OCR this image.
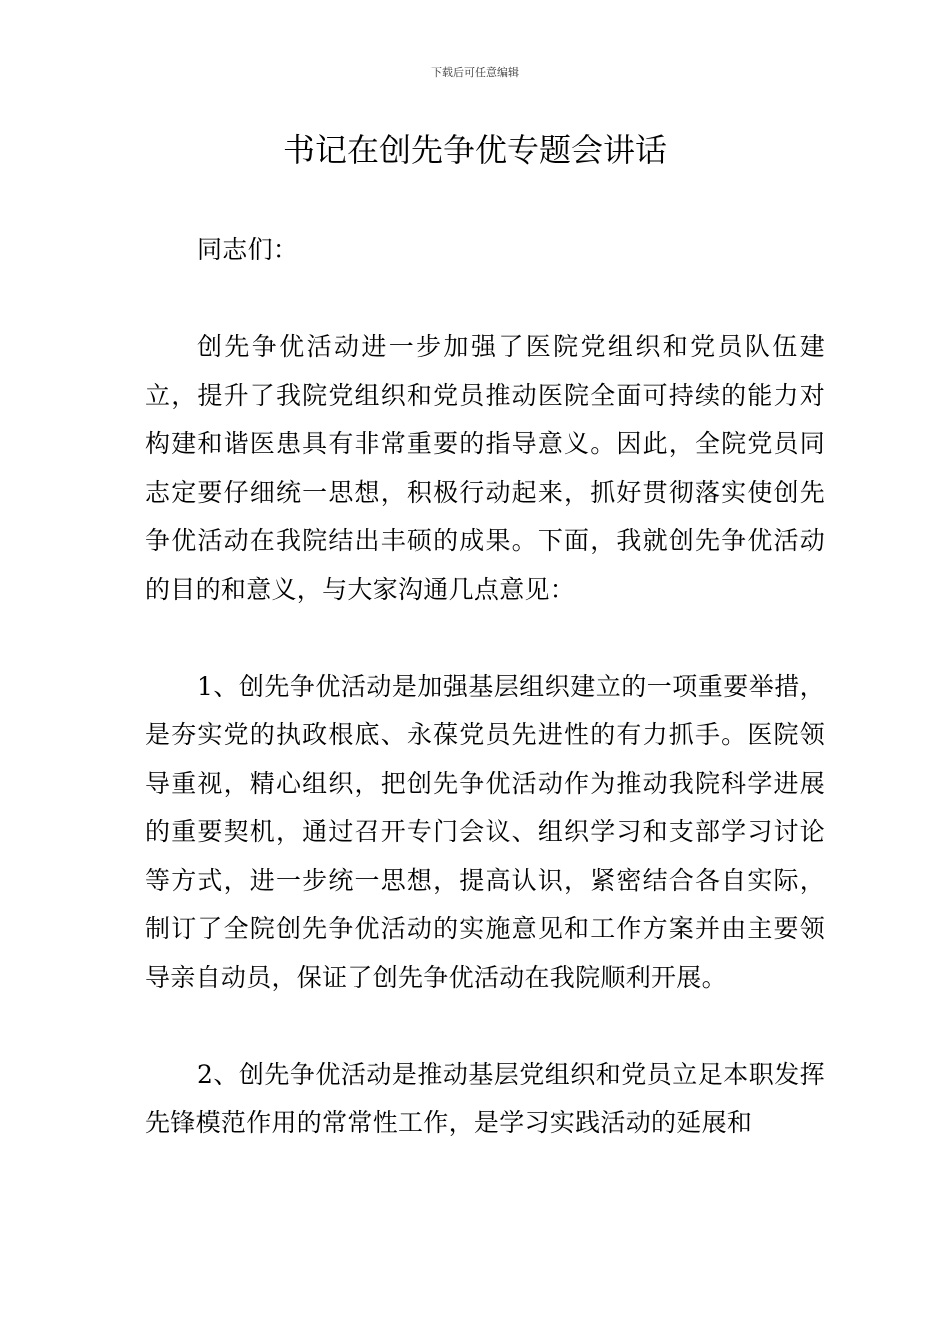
下载后可任意编辑
书记在创先争优专题会讲话

同志们：

创先争优活动进一步加强了医院党组织和党员队伍建立，提升了我院党组织和党员推动医院全面可持续的能力对构建和谐医患具有非常重要的指导意义。因此，全院党员同志定要仔细统一思想，积极行动起来，抓好贯彻落实使创先争优活动在我院结出丰硕的成果。下面，我就创先争优活动的目的和意义，与大家沟通几点意见：

1、创先争优活动是加强基层组织建立的一项重要举措，是夯实党的执政根底、永葆党员先进性的有力抓手。医院领导重视，精心组织，把创先争优活动作为推动我院科学进展的重要契机，通过召开专门会议、组织学习和支部学习讨论等方式，进一步统一思想，提高认识，紧密结合各自实际，制订了全院创先争优活动的实施意见和工作方案并由主要领导亲自动员，保证了创先争优活动在我院顺利开展。

2、创先争优活动是推动基层党组织和党员立足本职发挥先锋模范作用的常常性工作，是学习实践活动的延展和
